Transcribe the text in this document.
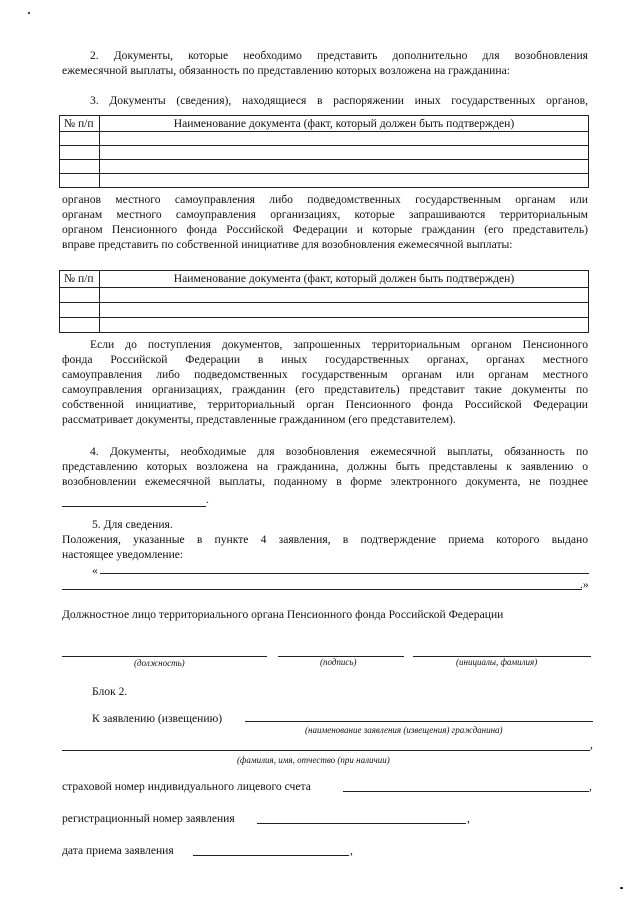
2. Документы, которые необходимо представить дополнительно для возобновления
ежемесячной выплаты, обязанность по представлению которых возложена на гражданина:
3. Документы (сведения), находящиеся в распоряжении иных государственных органов,
№ п/п	Наименование документа (факт, который должен быть подтвержден)

органов местного самоуправления либо подведомственных государственным органам или
органам местного самоуправления организациях, которые запрашиваются территориальным
органом Пенсионного фонда Российской Федерации и которые гражданин (его представитель)
вправе представить по собственной инициативе для возобновления ежемесячной выплаты:
№ п/п	Наименование документа (факт, который должен быть подтвержден)

Если до поступления документов, запрошенных территориальным органом Пенсионного
фонда Российской Федерации в иных государственных органах, органах местного
самоуправления либо подведомственных государственным органам или органам местного
самоуправления организациях, гражданин (его представитель) представит такие документы по
собственной инициативе, территориальный орган Пенсионного фонда Российской Федерации
рассматривает документы, представленные гражданином (его представителем).
4. Документы, необходимые для возобновления ежемесячной выплаты, обязанность по
представлению которых возложена на гражданина, должны быть представлены к заявлению о
возобновлении ежемесячной выплаты, поданному в форме электронного документа, не позднее
.
5. Для сведения.
Положения, указанные в пункте 4 заявления, в подтверждение приема которого выдано
настоящее уведомление:
«
.»
Должностное лицо территориального органа Пенсионного фонда Российской Федерации
(должность)	(подпись)	(инициалы, фамилия)
Блок 2.
К заявлению (извещению)
(наименование заявления (извещения) гражданина)
,
(фамилия, имя, отчество (при наличии)
страховой номер индивидуального лицевого счета	,
регистрационный номер заявления	,
дата приема заявления	,
